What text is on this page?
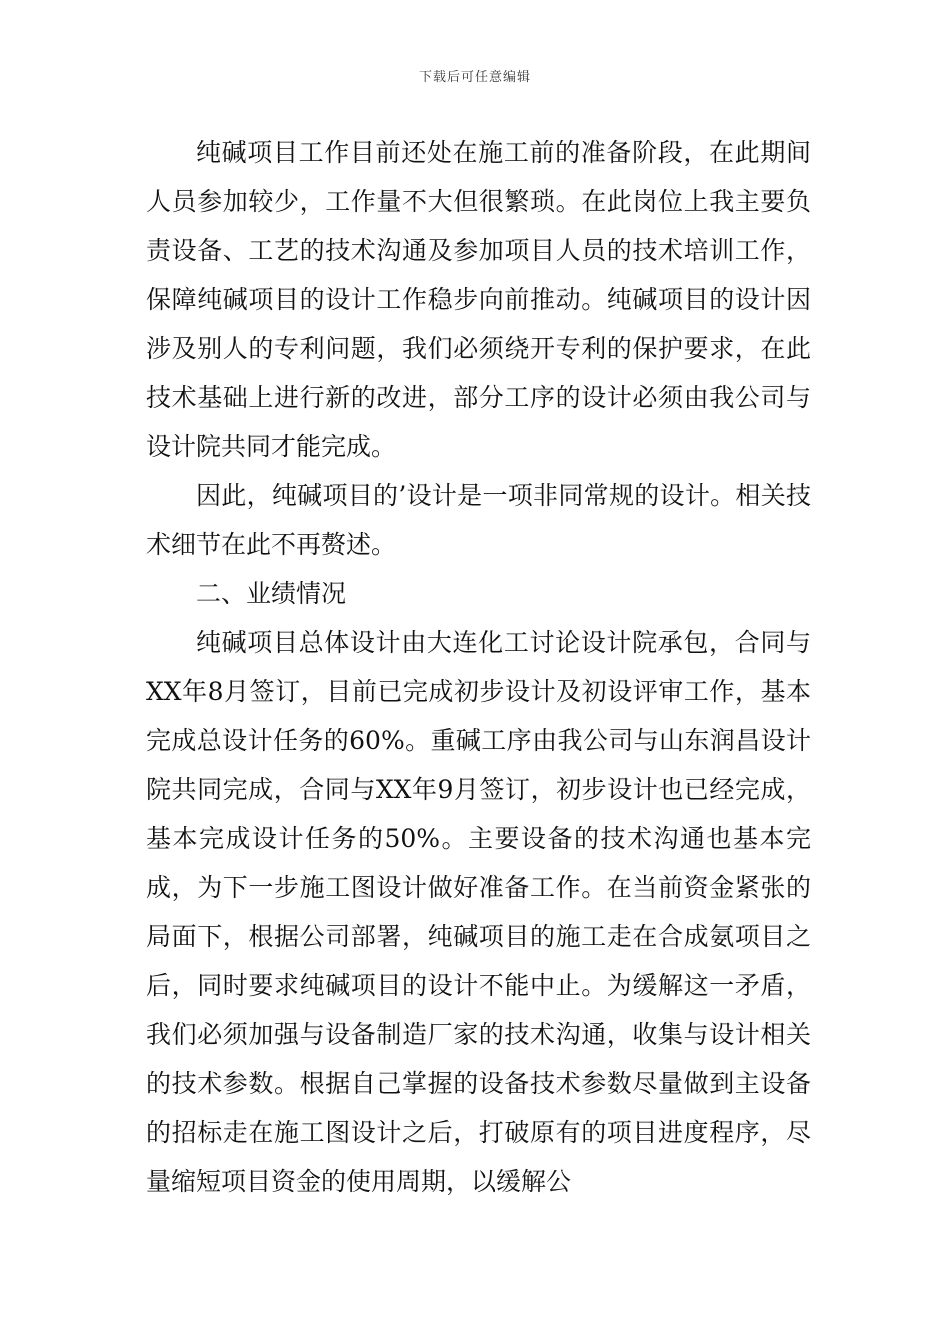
下载后可任意编辑

纯碱项目工作目前还处在施工前的准备阶段，在此期间人员参加较少，工作量不大但很繁琐。在此岗位上我主要负责设备、工艺的技术沟通及参加项目人员的技术培训工作，保障纯碱项目的设计工作稳步向前推动。纯碱项目的设计因涉及别人的专利问题，我们必须绕开专利的保护要求，在此技术基础上进行新的改进，部分工序的设计必须由我公司与设计院共同才能完成。

因此，纯碱项目的’设计是一项非同常规的设计。相关技术细节在此不再赘述。

二、业绩情况

纯碱项目总体设计由大连化工讨论设计院承包，合同与XX年8月签订，目前已完成初步设计及初设评审工作，基本完成总设计任务的60%。重碱工序由我公司与山东润昌设计院共同完成，合同与XX年9月签订，初步设计也已经完成，基本完成设计任务的50%。主要设备的技术沟通也基本完成，为下一步施工图设计做好准备工作。在当前资金紧张的局面下，根据公司部署，纯碱项目的施工走在合成氨项目之后，同时要求纯碱项目的设计不能中止。为缓解这一矛盾，我们必须加强与设备制造厂家的技术沟通，收集与设计相关的技术参数。根据自己掌握的设备技术参数尽量做到主设备的招标走在施工图设计之后，打破原有的项目进度程序，尽量缩短项目资金的使用周期，以缓解公
